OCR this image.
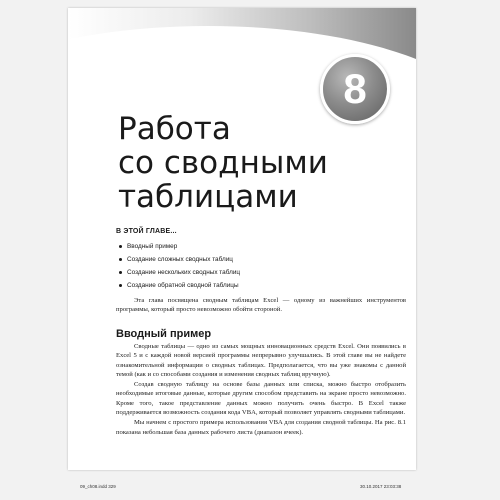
8
Работа
со сводными
таблицами
В ЭТОЙ ГЛАВЕ...
Вводный пример
Создание сложных сводных таблиц
Создание нескольких сводных таблиц
Создание обратной сводной таблицы

Эта глава посвящена сводным таблицам Excel — одному из важнейших инструментов программы, который просто невозможно обойти стороной.

Вводный пример

Сводные таблицы — одно из самых мощных инновационных средств Excel. Они появились в Excel 5 и с каждой новой версией программы непрерывно улучшались. В этой главе вы не найдете ознакомительной информации о сводных таблицах. Предполагается, что вы уже знакомы с данной темой (как и со способами создания и изменения сводных таблиц вручную).

Создав сводную таблицу на основе базы данных или списка, можно быстро отобразить необходимые итоговые данные, которые другим способом представить на экране просто невозможно. Кроме того, такое представление данных можно получить очень быстро. В Excel также поддерживается возможность создания кода VBA, который позволяет управлять сводными таблицами.

Мы начнем с простого примера использования VBA для создания сводной таблицы. На рис. 8.1 показана небольшая база данных рабочего листа (диапазон ячеек).

09_ch08.indd 329	30.10.2017 23:03:38
